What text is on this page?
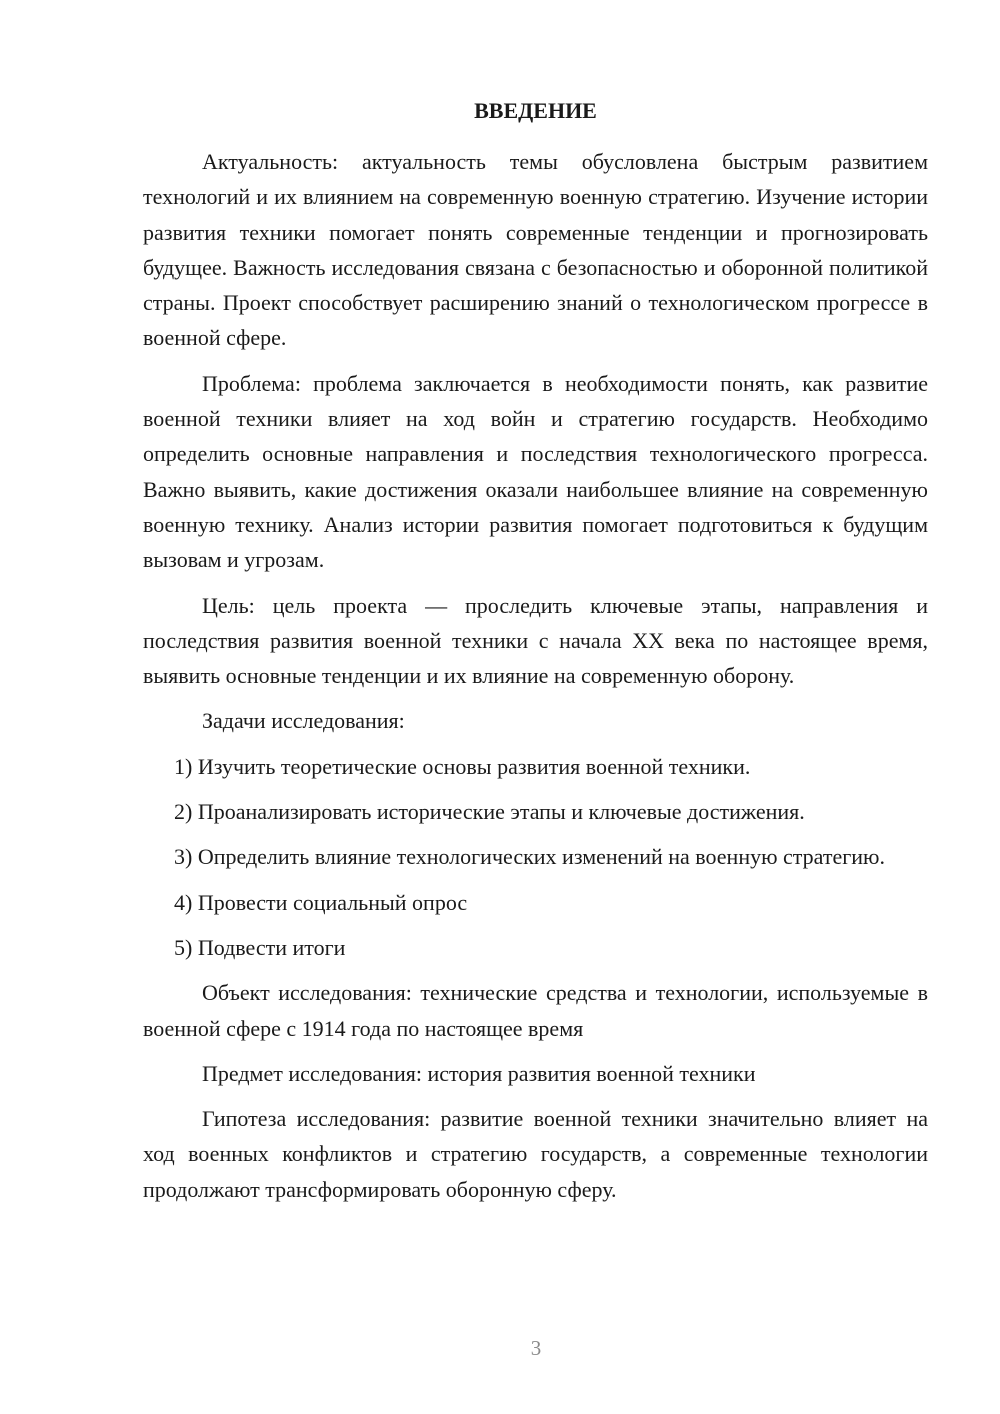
ВВЕДЕНИЕ

Актуальность: актуальность темы обусловлена быстрым развитием технологий и их влиянием на современную военную стратегию. Изучение истории развития техники помогает понять современные тенденции и прогнозировать будущее. Важность исследования связана с безопасностью и оборонной политикой страны. Проект способствует расширению знаний о технологическом прогрессе в военной сфере.

Проблема: проблема заключается в необходимости понять, как развитие военной техники влияет на ход войн и стратегию государств. Необходимо определить основные направления и последствия технологического прогресса. Важно выявить, какие достижения оказали наибольшее влияние на современную военную технику. Анализ истории развития помогает подготовиться к будущим вызовам и угрозам.

Цель: цель проекта — проследить ключевые этапы, направления и последствия развития военной техники с начала XX века по настоящее время, выявить основные тенденции и их влияние на современную оборону.

Задачи исследования:

1) Изучить теоретические основы развития военной техники.

2) Проанализировать исторические этапы и ключевые достижения.

3) Определить влияние технологических изменений на военную стратегию.

4) Провести социальный опрос

5) Подвести итоги

Объект исследования: технические средства и технологии, используемые в военной сфере с 1914 года по настоящее время

Предмет исследования: история развития военной техники

Гипотеза исследования: развитие военной техники значительно влияет на ход военных конфликтов и стратегию государств, а современные технологии продолжают трансформировать оборонную сферу.

3
